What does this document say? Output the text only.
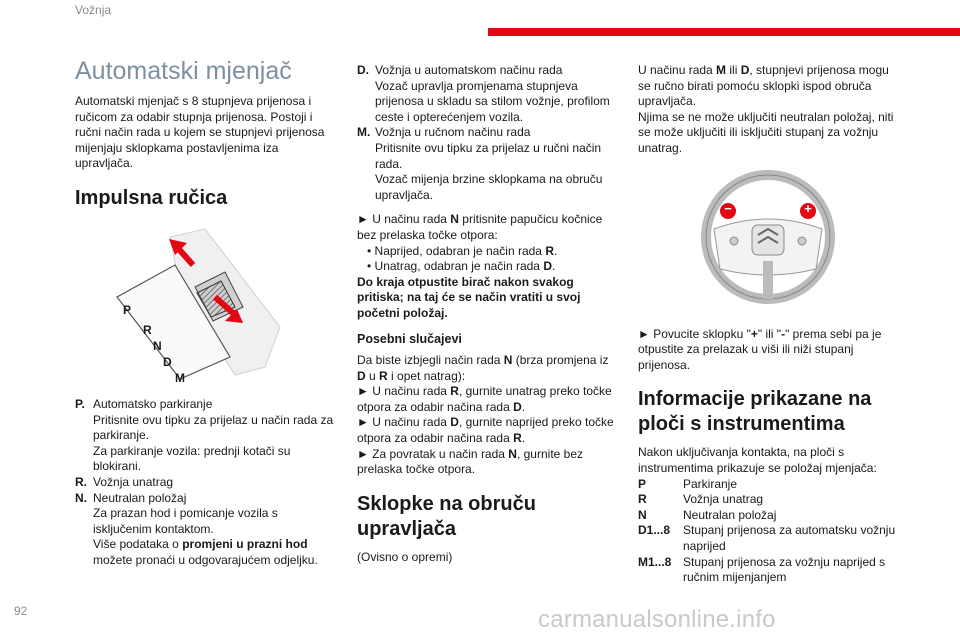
Vožnja
Automatski mjenjač

Automatski mjenjač s 8 stupnjeva prijenosa i ručicom za odabir stupnja prijenosa. Postoji i ručni način rada u kojem se stupnjevi prijenosa mijenjaju sklopkama postavljenima iza upravljača.

Impulsna ručica
P
R
N
D
M
P. Automatsko parkiranje

Pritisnite ovu tipku za prijelaz u način rada za parkiranje.

Za parkiranje vozila: prednji kotači su blokirani.

R. Vožnja unatrag

N. Neutralan položaj

Za prazan hod i pomicanje vozila s isključenim kontaktom.

Više podataka o promjeni u prazni hod možete pronaći u odgovarajućem odjeljku.

D. Vožnja u automatskom načinu rada

Vozač upravlja promjenama stupnjeva prijenosa u skladu sa stilom vožnje, profilom ceste i opterećenjem vozila.

M. Vožnja u ručnom načinu rada

Pritisnite ovu tipku za prijelaz u ručni način rada.

Vozač mijenja brzine sklopkama na obruču upravljača.

► U načinu rada N pritisnite papučicu kočnice bez prelaska točke otpora:

• Naprijed, odabran je način rada R.

• Unatrag, odabran je način rada D.

Do kraja otpustite birač nakon svakog pritiska; na taj će se način vratiti u svoj početni položaj.

Posebni slučajevi

Da biste izbjegli način rada N (brza promjena iz D u R i opet natrag):

► U načinu rada R, gurnite unatrag preko točke otpora za odabir načina rada D.

► U načinu rada D, gurnite naprijed preko točke otpora za odabir načina rada R.

► Za povratak u način rada N, gurnite bez prelaska točke otpora.

Sklopke na obruču upravljača

(Ovisno o opremi)

U načinu rada M ili D, stupnjevi prijenosa mogu se ručno birati pomoću sklopki ispod obruča upravljača.

Njima se ne može uključiti neutralan položaj, niti se može uključiti ili isključiti stupanj za vožnju unatrag.

−	+

► Povucite sklopku "+" ili "-" prema sebi pa je otpustite za prelazak u viši ili niži stupanj prijenosa.

Informacije prikazane na ploči s instrumentima

Nakon uključivanja kontakta, na ploči s instrumentima prikazuje se položaj mjenjača:

P	Parkiranje
R	Vožnja unatrag
N	Neutralan položaj
D1...8	Stupanj prijenosa za automatsku vožnju naprijed
M1...8 Stupanj prijenosa za vožnju naprijed s ručnim mijenjanjem
92	carmanualsonline.info
